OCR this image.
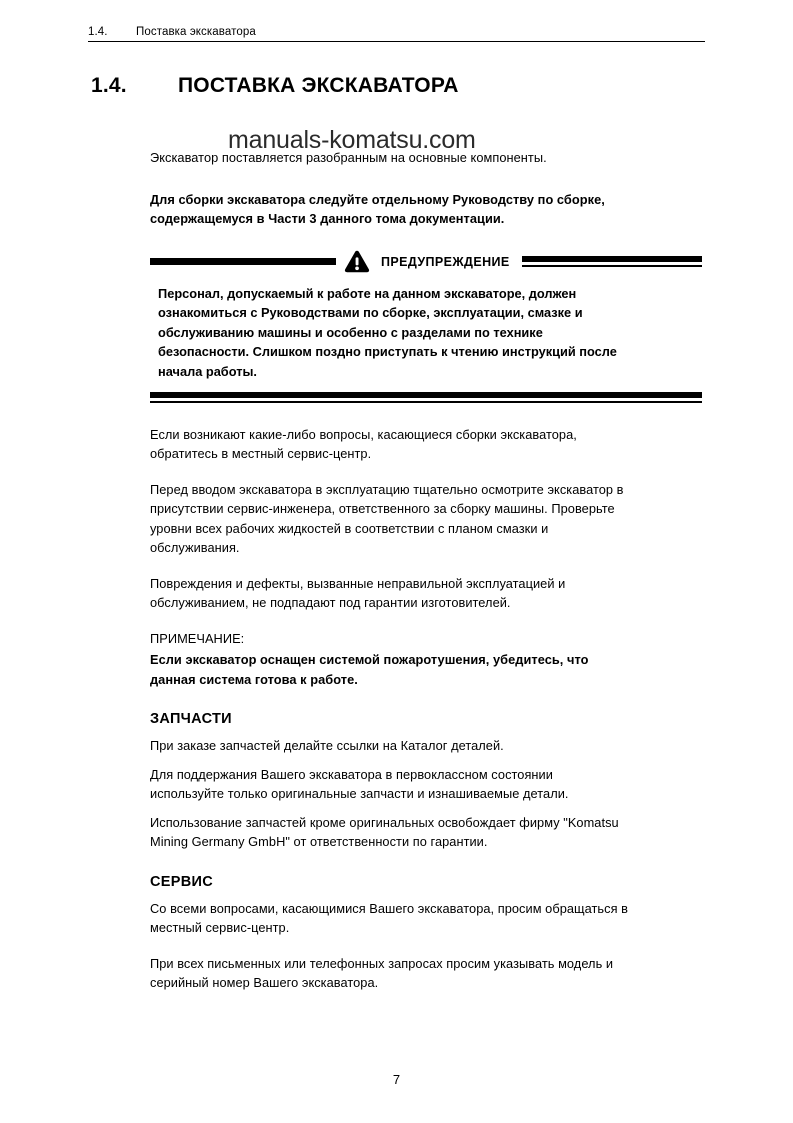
1.4.	Поставка экскаватора
1.4.	ПОСТАВКА ЭКСКАВАТОРА
manuals-komatsu.com

Экскаватор поставляется разобранным на основные компоненты.

Для сборки экскаватора следуйте отдельному Руководству по сборке,

содержащемуся в Части 3 данного тома документации.

ПРЕДУПРЕЖДЕНИЕ

Персонал, допускаемый к работе на данном экскаваторе, должен

ознакомиться с Руководствами по сборке, эксплуатации, смазке и

обслуживанию машины и особенно с разделами по технике

безопасности. Слишком поздно приступать к чтению инструкций после

начала работы.

Если возникают какие-либо вопросы, касающиеся сборки экскаватора,

обратитесь в местный сервис-центр.

Перед вводом экскаватора в эксплуатацию тщательно осмотрите экскаватор в

присутствии сервис-инженера, ответственного за сборку машины. Проверьте

уровни всех рабочих жидкостей в соответствии с планом смазки и

обслуживания.

Повреждения и дефекты, вызванные неправильной эксплуатацией и

обслуживанием, не подпадают под гарантии изготовителей.

ПРИМЕЧАНИЕ:

Если экскаватор оснащен системой пожаротушения, убедитесь, что

данная система готова к работе.

ЗАПЧАСТИ

При заказе запчастей делайте ссылки на Каталог деталей.

Для поддержания Вашего экскаватора в первоклассном состоянии

используйте только оригинальные запчасти и изнашиваемые детали.

Использование запчастей кроме оригинальных освобождает фирму "Komatsu

Mining Germany GmbH" от ответственности по гарантии.

СЕРВИС

Со всеми вопросами, касающимися Вашего экскаватора, просим обращаться в

местный сервис-центр.

При всех письменных или телефонных запросах просим указывать модель и

серийный номер Вашего экскаватора.

7
